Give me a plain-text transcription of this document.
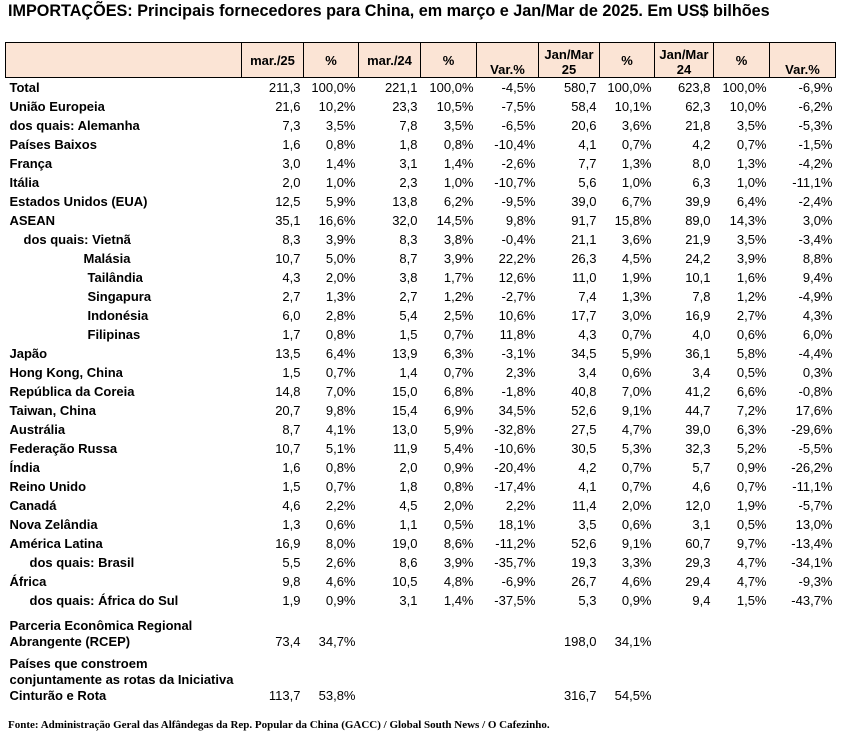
IMPORTAÇÕES: Principais fornecedores para China, em março e Jan/Mar de 2025. Em US$ bilhões
	mar./25	%	mar./24	%	Var.%	Jan/Mar 25	%	Jan/Mar 24	%	Var.%
Total	211,3	100,0%	221,1	100,0%	-4,5%	580,7	100,0%	623,8	100,0%	-6,9%
União Europeia	21,6	10,2%	23,3	10,5%	-7,5%	58,4	10,1%	62,3	10,0%	-6,2%
dos quais: Alemanha	7,3	3,5%	7,8	3,5%	-6,5%	20,6	3,6%	21,8	3,5%	-5,3%
Países Baixos	1,6	0,8%	1,8	0,8%	-10,4%	4,1	0,7%	4,2	0,7%	-1,5%
França	3,0	1,4%	3,1	1,4%	-2,6%	7,7	1,3%	8,0	1,3%	-4,2%
Itália	2,0	1,0%	2,3	1,0%	-10,7%	5,6	1,0%	6,3	1,0%	-11,1%
Estados Unidos (EUA)	12,5	5,9%	13,8	6,2%	-9,5%	39,0	6,7%	39,9	6,4%	-2,4%
ASEAN	35,1	16,6%	32,0	14,5%	9,8%	91,7	15,8%	89,0	14,3%	3,0%
dos quais: Vietnã	8,3	3,9%	8,3	3,8%	-0,4%	21,1	3,6%	21,9	3,5%	-3,4%
Malásia	10,7	5,0%	8,7	3,9%	22,2%	26,3	4,5%	24,2	3,9%	8,8%
Tailândia	4,3	2,0%	3,8	1,7%	12,6%	11,0	1,9%	10,1	1,6%	9,4%
Singapura	2,7	1,3%	2,7	1,2%	-2,7%	7,4	1,3%	7,8	1,2%	-4,9%
Indonésia	6,0	2,8%	5,4	2,5%	10,6%	17,7	3,0%	16,9	2,7%	4,3%
Filipinas	1,7	0,8%	1,5	0,7%	11,8%	4,3	0,7%	4,0	0,6%	6,0%
Japão	13,5	6,4%	13,9	6,3%	-3,1%	34,5	5,9%	36,1	5,8%	-4,4%
Hong Kong, China	1,5	0,7%	1,4	0,7%	2,3%	3,4	0,6%	3,4	0,5%	0,3%
República da Coreia	14,8	7,0%	15,0	6,8%	-1,8%	40,8	7,0%	41,2	6,6%	-0,8%
Taiwan, China	20,7	9,8%	15,4	6,9%	34,5%	52,6	9,1%	44,7	7,2%	17,6%
Austrália	8,7	4,1%	13,0	5,9%	-32,8%	27,5	4,7%	39,0	6,3%	-29,6%
Federação Russa	10,7	5,1%	11,9	5,4%	-10,6%	30,5	5,3%	32,3	5,2%	-5,5%
Índia	1,6	0,8%	2,0	0,9%	-20,4%	4,2	0,7%	5,7	0,9%	-26,2%
Reino Unido	1,5	0,7%	1,8	0,8%	-17,4%	4,1	0,7%	4,6	0,7%	-11,1%
Canadá	4,6	2,2%	4,5	2,0%	2,2%	11,4	2,0%	12,0	1,9%	-5,7%
Nova Zelândia	1,3	0,6%	1,1	0,5%	18,1%	3,5	0,6%	3,1	0,5%	13,0%
América Latina	16,9	8,0%	19,0	8,6%	-11,2%	52,6	9,1%	60,7	9,7%	-13,4%
dos quais: Brasil	5,5	2,6%	8,6	3,9%	-35,7%	19,3	3,3%	29,3	4,7%	-34,1%
África	9,8	4,6%	10,5	4,8%	-6,9%	26,7	4,6%	29,4	4,7%	-9,3%
dos quais: África do Sul	1,9	0,9%	3,1	1,4%	-37,5%	5,3	0,9%	9,4	1,5%	-43,7%

Parceria Econômica Regional Abrangente (RCEP)	73,4	34,7%				198,0	34,1%			

Países que constroem conjuntamente as rotas da Iniciativa Cinturão e Rota	113,7	53,8%				316,7	54,5%			
Fonte: Administração Geral das Alfândegas da Rep. Popular da China (GACC) / Global South News / O Cafezinho.
